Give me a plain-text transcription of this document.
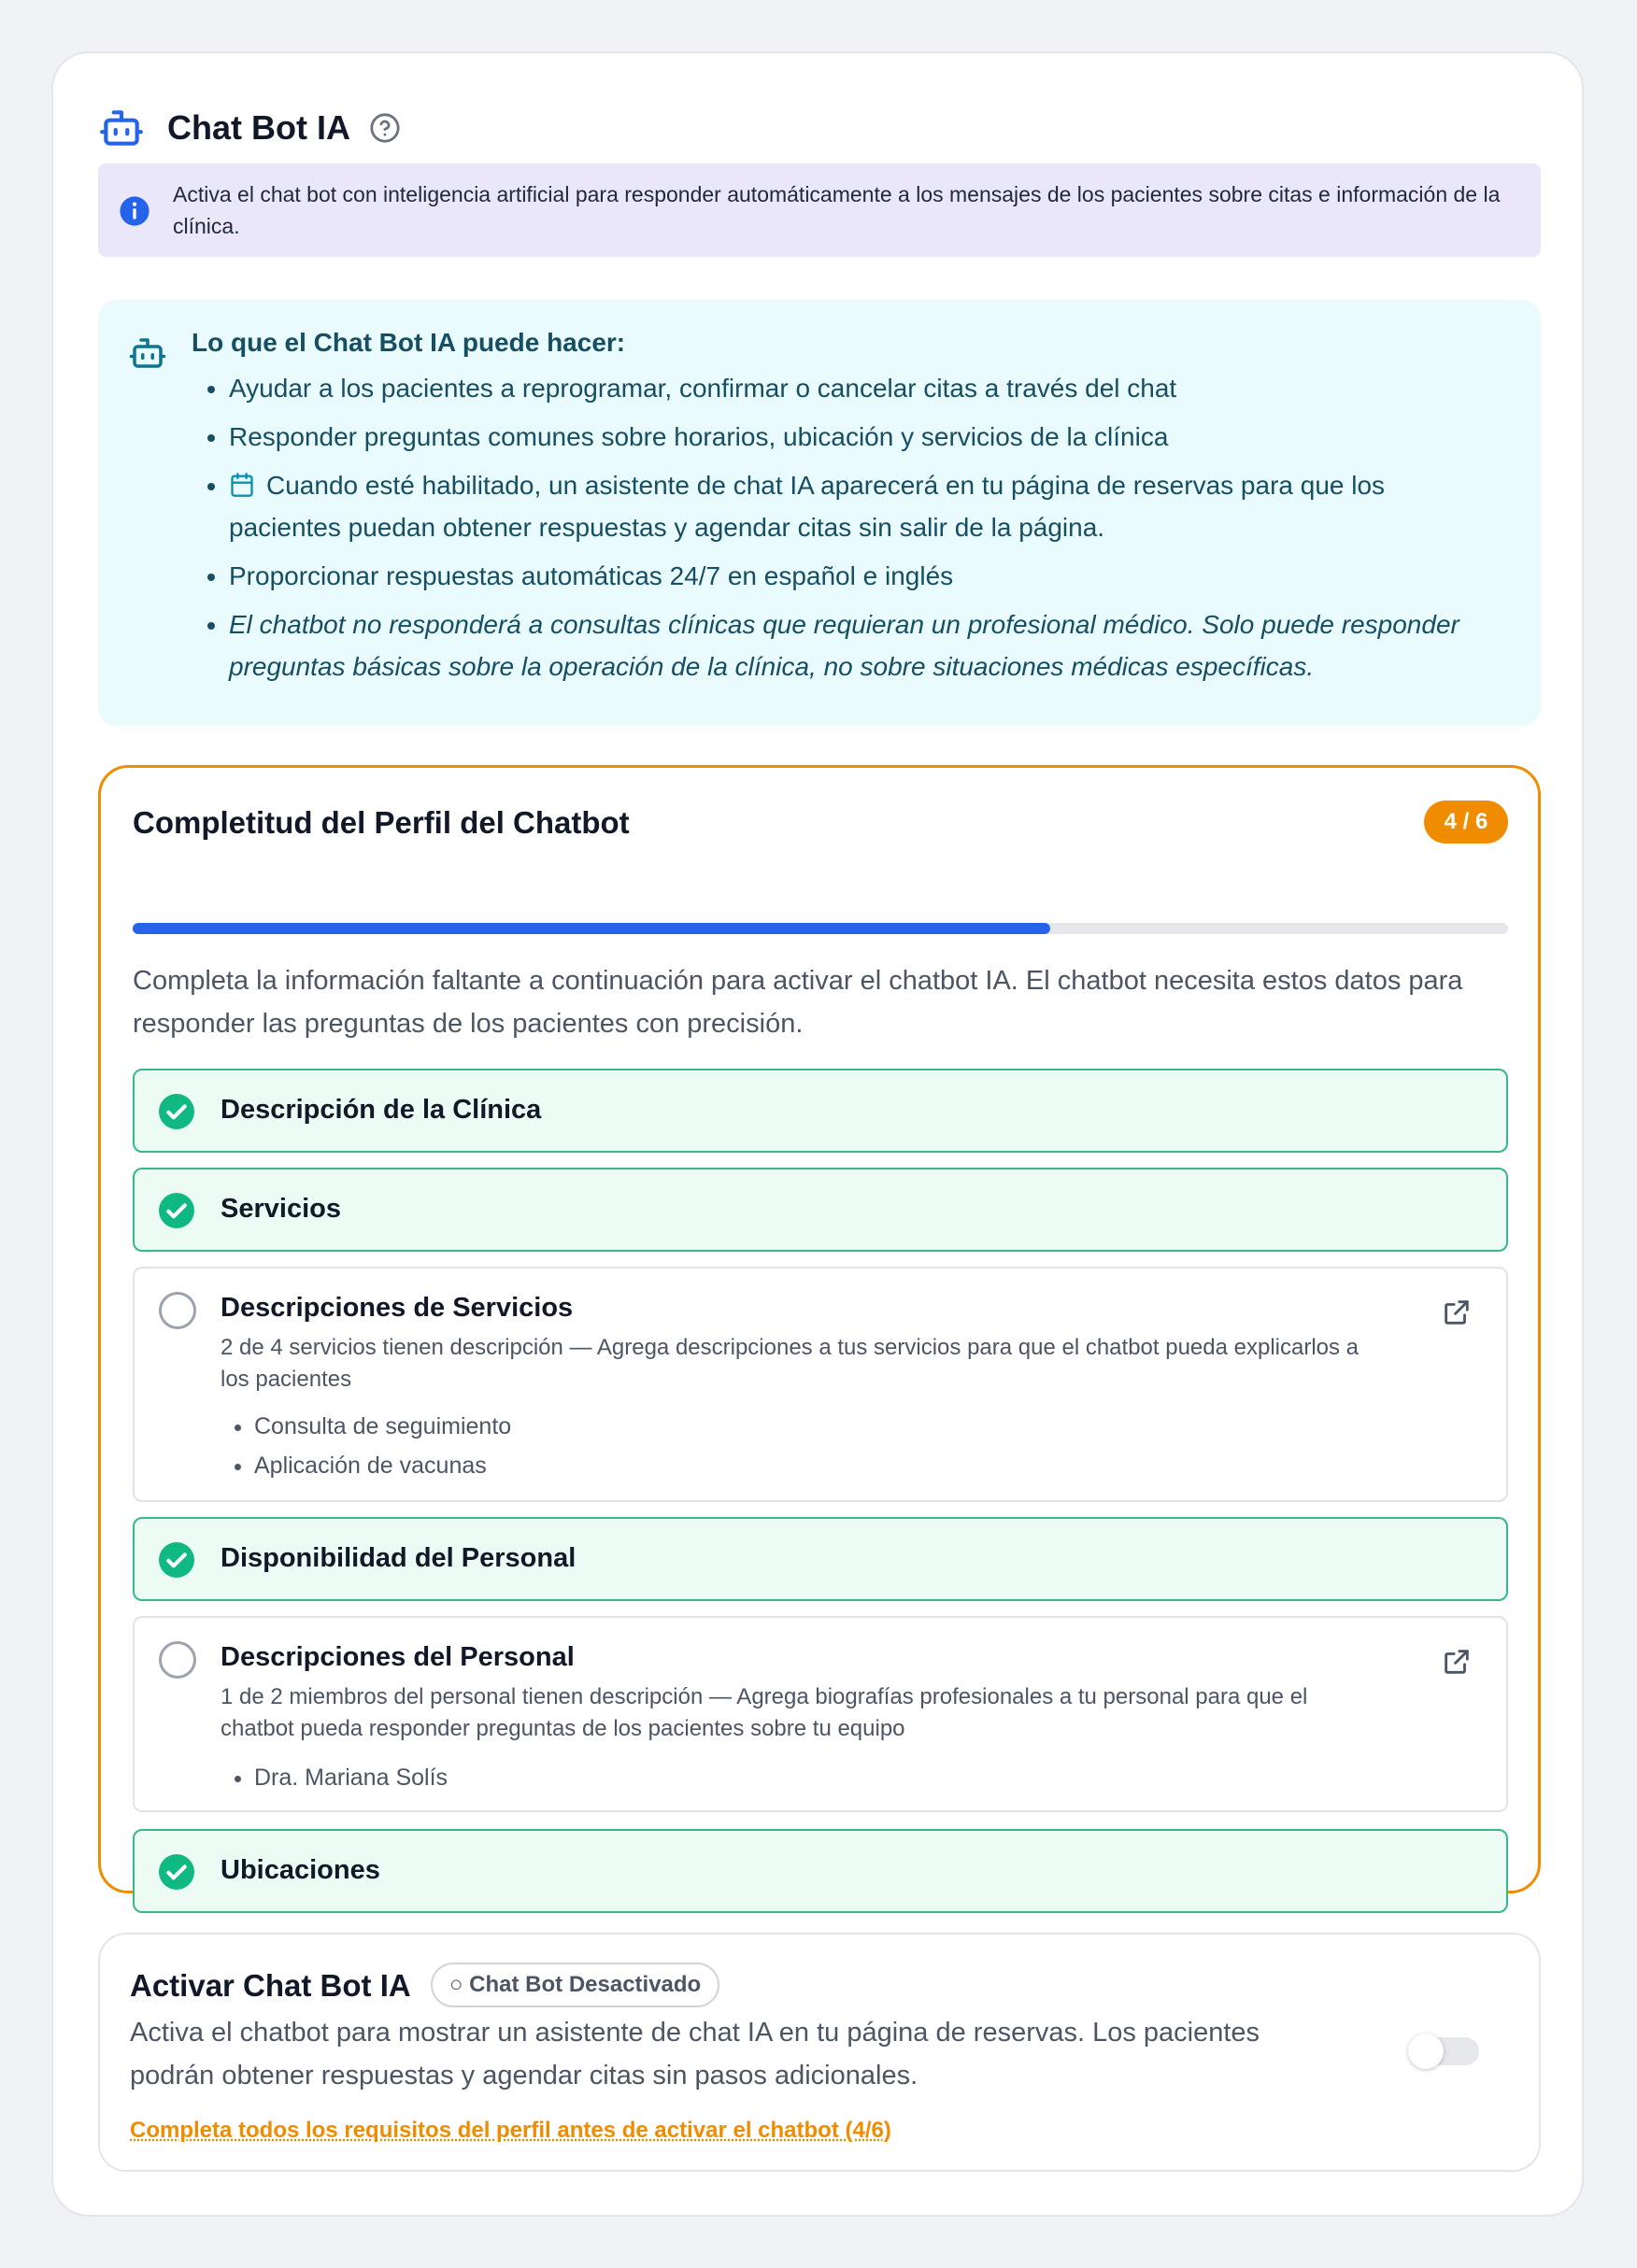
Chat Bot IA
Activa el chat bot con inteligencia artificial para responder automáticamente a los mensajes de los pacientes sobre citas e información de la clínica.
Lo que el Chat Bot IA puede hacer:
• Ayudar a los pacientes a reprogramar, confirmar o cancelar citas a través del chat
• Responder preguntas comunes sobre horarios, ubicación y servicios de la clínica
• Cuando esté habilitado, un asistente de chat IA aparecerá en tu página de reservas para que los pacientes puedan obtener respuestas y agendar citas sin salir de la página.
• Proporcionar respuestas automáticas 24/7 en español e inglés
• El chatbot no responderá a consultas clínicas que requieran un profesional médico. Solo puede responder preguntas básicas sobre la operación de la clínica, no sobre situaciones médicas específicas.
Completitud del Perfil del Chatbot	4 / 6
Completa la información faltante a continuación para activar el chatbot IA. El chatbot necesita estos datos para responder las preguntas de los pacientes con precisión.
Descripción de la Clínica
Servicios
Descripciones de Servicios
2 de 4 servicios tienen descripción — Agrega descripciones a tus servicios para que el chatbot pueda explicarlos a los pacientes
• Consulta de seguimiento
• Aplicación de vacunas
Disponibilidad del Personal
Descripciones del Personal
1 de 2 miembros del personal tienen descripción — Agrega biografías profesionales a tu personal para que el chatbot pueda responder preguntas de los pacientes sobre tu equipo
• Dra. Mariana Solís
Ubicaciones
Activar Chat Bot IA	○ Chat Bot Desactivado
Activa el chatbot para mostrar un asistente de chat IA en tu página de reservas. Los pacientes podrán obtener respuestas y agendar citas sin pasos adicionales.
Completa todos los requisitos del perfil antes de activar el chatbot (4/6)
